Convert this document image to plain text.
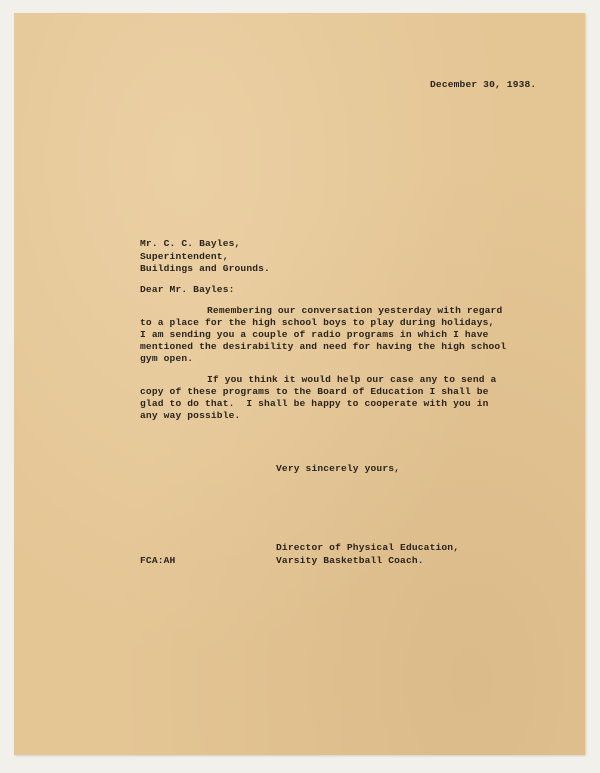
December 30, 1938.
Mr. C. C. Bayles,
Superintendent,
Buildings and Grounds.
Dear Mr. Bayles:
Remembering our conversation yesterday with regard
to a place for the high school boys to play during holidays,
I am sending you a couple of radio programs in which I have
mentioned the desirability and need for having the high school
gym open.
If you think it would help our case any to send a
copy of these programs to the Board of Education I shall be
glad to do that.  I shall be happy to cooperate with you in
any way possible.
Very sincerely yours,
Director of Physical Education,
FCA:AH	Varsity Basketball Coach.
